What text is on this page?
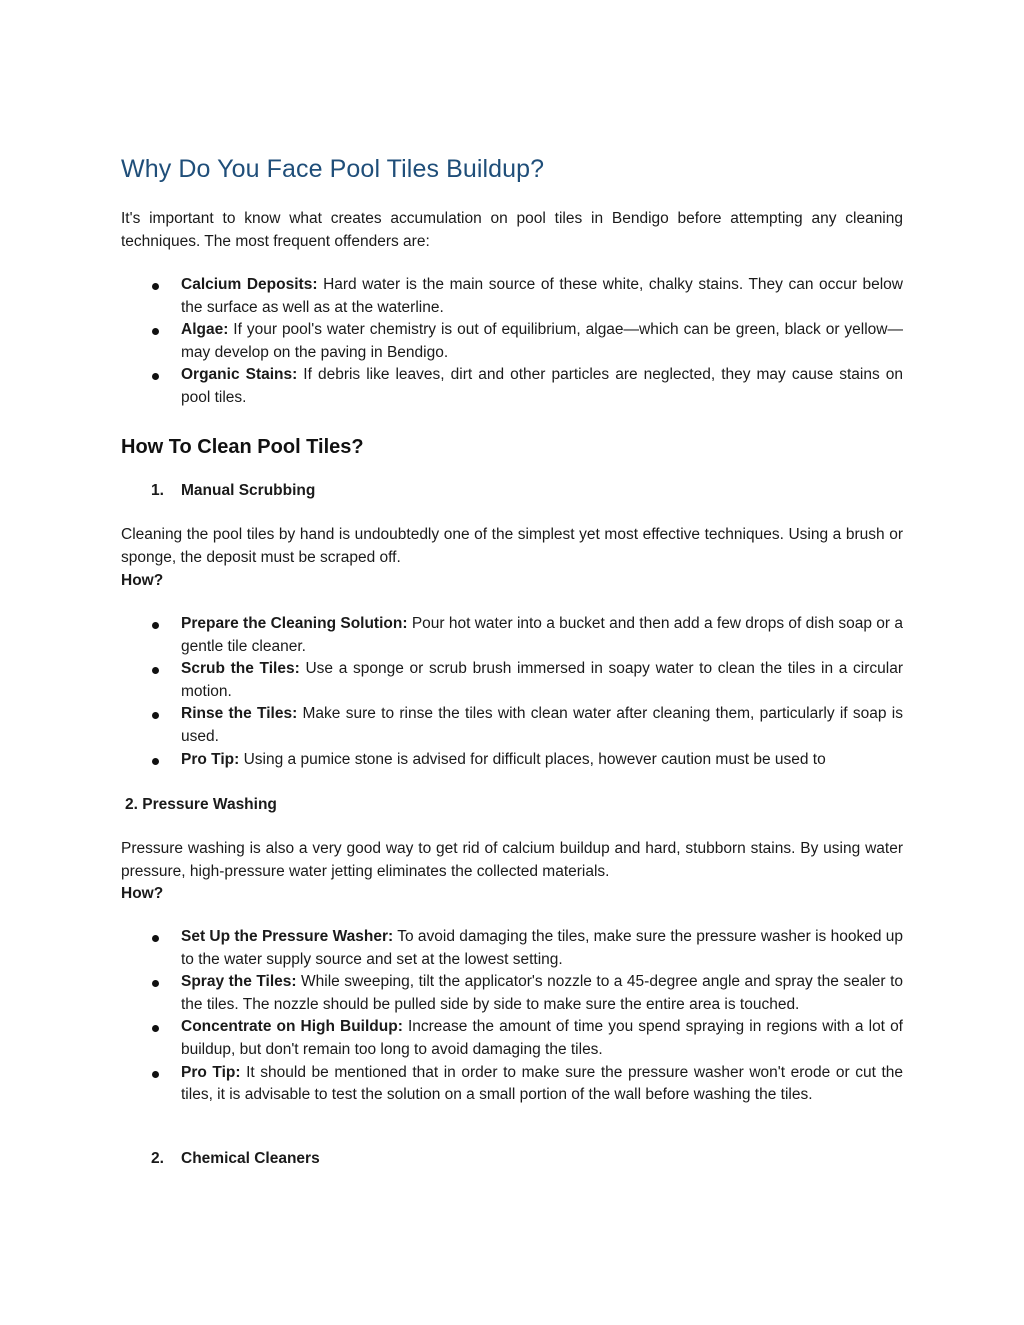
Why Do You Face Pool Tiles Buildup?

It's important to know what creates accumulation on pool tiles in Bendigo before attempting any cleaning techniques. The most frequent offenders are:

Calcium Deposits: Hard water is the main source of these white, chalky stains. They can occur below the surface as well as at the waterline.
Algae: If your pool's water chemistry is out of equilibrium, algae—which can be green, black or yellow—may develop on the paving in Bendigo.
Organic Stains: If debris like leaves, dirt and other particles are neglected, they may cause stains on pool tiles.
How To Clean Pool Tiles?
1. Manual Scrubbing

Cleaning the pool tiles by hand is undoubtedly one of the simplest yet most effective techniques. Using a brush or sponge, the deposit must be scraped off.

How?

Prepare the Cleaning Solution: Pour hot water into a bucket and then add a few drops of dish soap or a gentle tile cleaner.
Scrub the Tiles: Use a sponge or scrub brush immersed in soapy water to clean the tiles in a circular motion.
Rinse the Tiles: Make sure to rinse the tiles with clean water after cleaning them, particularly if soap is used.
Pro Tip: Using a pumice stone is advised for difficult places, however caution must be used to
2. Pressure Washing

Pressure washing is also a very good way to get rid of calcium buildup and hard, stubborn stains. By using water pressure, high-pressure water jetting eliminates the collected materials.

How?

Set Up the Pressure Washer: To avoid damaging the tiles, make sure the pressure washer is hooked up to the water supply source and set at the lowest setting.
Spray the Tiles: While sweeping, tilt the applicator's nozzle to a 45-degree angle and spray the sealer to the tiles. The nozzle should be pulled side by side to make sure the entire area is touched.
Concentrate on High Buildup: Increase the amount of time you spend spraying in regions with a lot of buildup, but don't remain too long to avoid damaging the tiles.
Pro Tip: It should be mentioned that in order to make sure the pressure washer won't erode or cut the tiles, it is advisable to test the solution on a small portion of the wall before washing the tiles.
2. Chemical Cleaners
